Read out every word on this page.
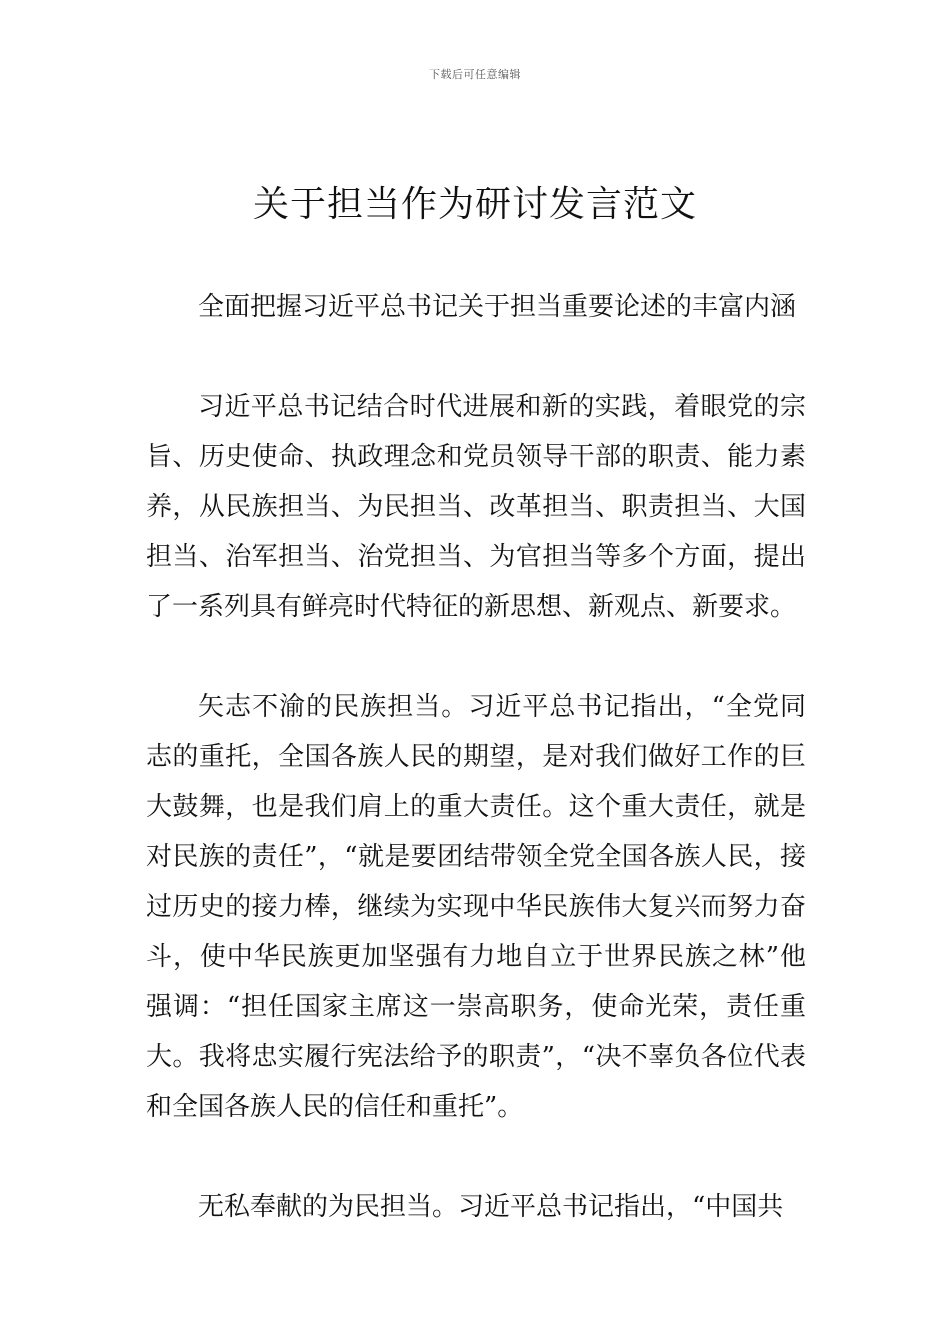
下载后可任意编辑
关于担当作为研讨发言范文

全面把握习近平总书记关于担当重要论述的丰富内涵

习近平总书记结合时代进展和新的实践，着眼党的宗旨、历史使命、执政理念和党员领导干部的职责、能力素养，从民族担当、为民担当、改革担当、职责担当、大国担当、治军担当、治党担当、为官担当等多个方面，提出了一系列具有鲜亮时代特征的新思想、新观点、新要求。

矢志不渝的民族担当。习近平总书记指出，“全党同志的重托，全国各族人民的期望，是对我们做好工作的巨大鼓舞，也是我们肩上的重大责任。这个重大责任，就是对民族的责任”，“就是要团结带领全党全国各族人民，接过历史的接力棒，继续为实现中华民族伟大复兴而努力奋斗，使中华民族更加坚强有力地自立于世界民族之林”他强调：“担任国家主席这一崇高职务，使命光荣，责任重大。我将忠实履行宪法给予的职责”，“决不辜负各位代表和全国各族人民的信任和重托”。

无私奉献的为民担当。习近平总书记指出，“中国共
